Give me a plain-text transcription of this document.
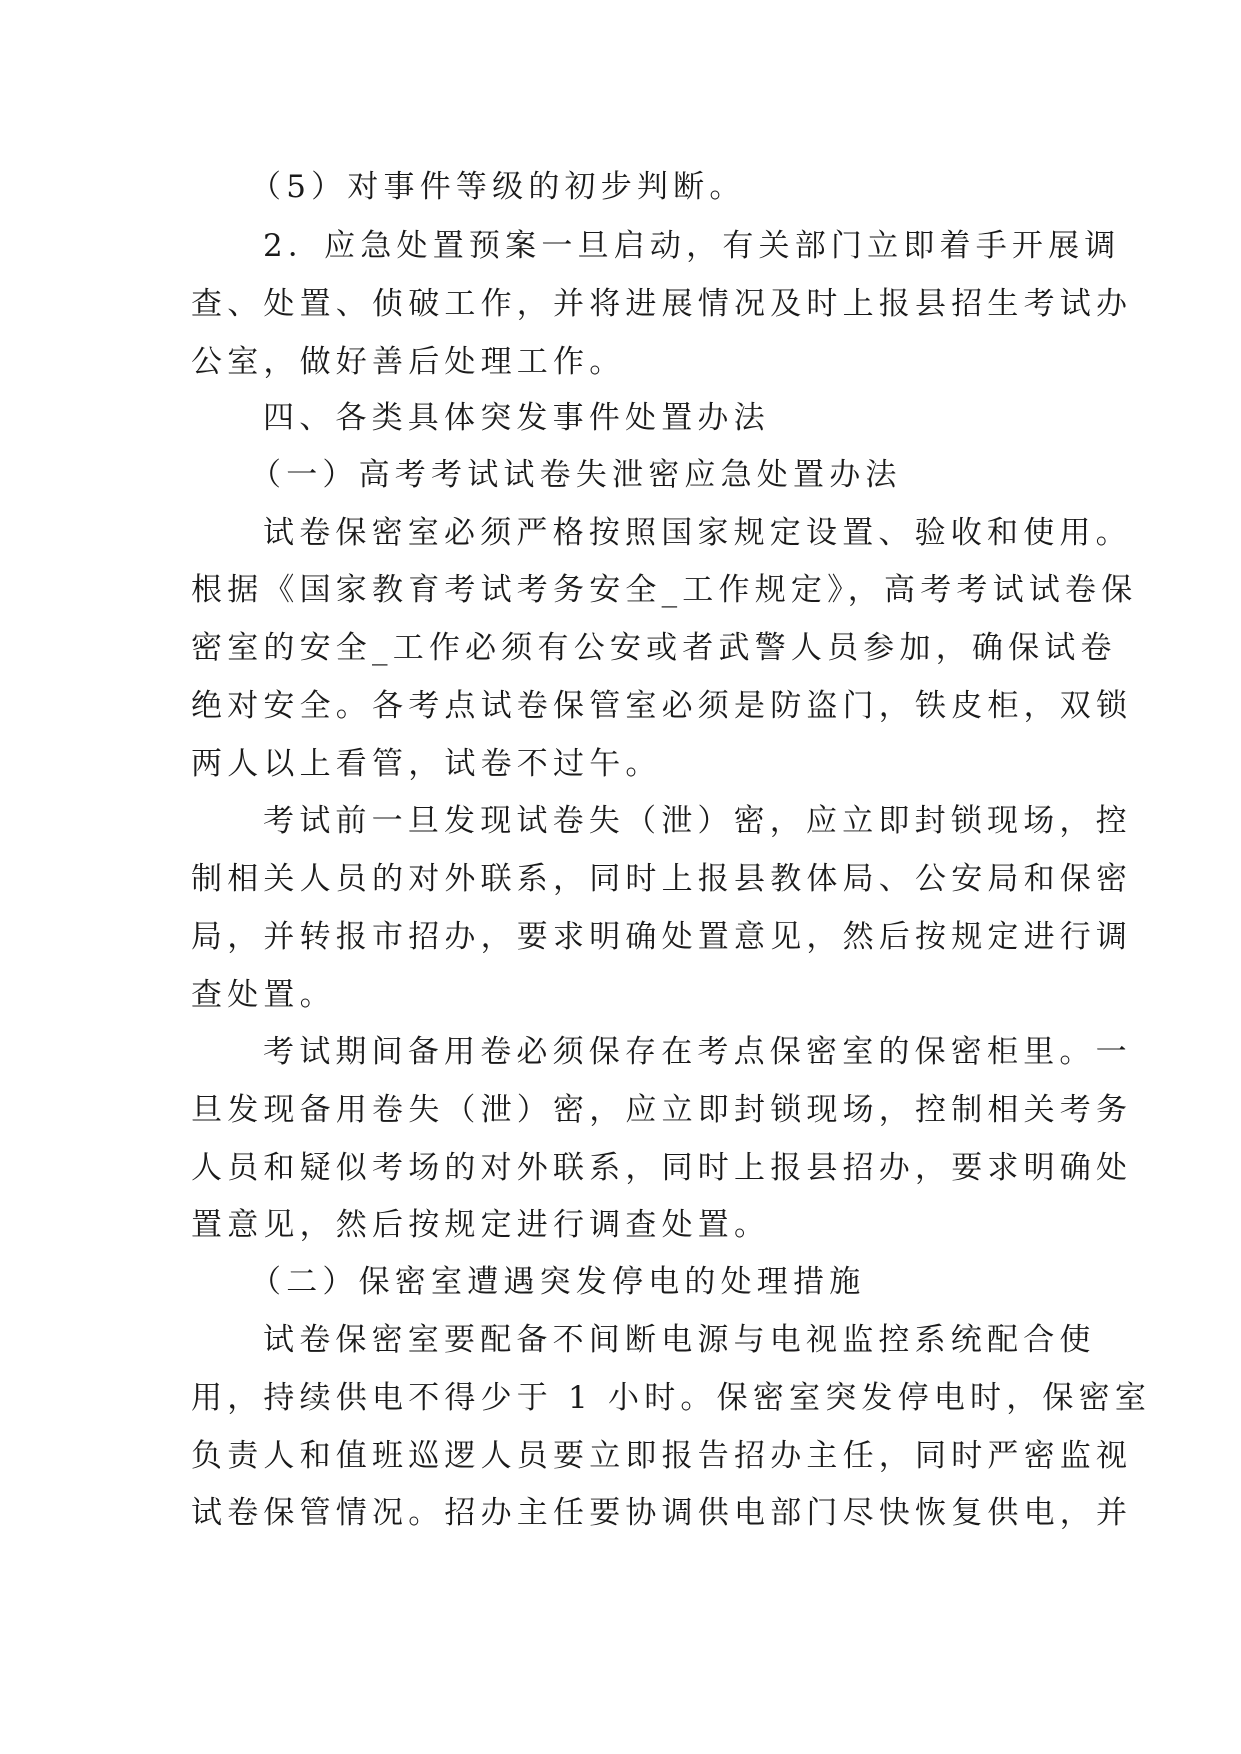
（5）对事件等级的初步判断。
2．应急处置预案一旦启动，有关部门立即着手开展调
查、处置、侦破工作，并将进展情况及时上报县招生考试办
公室，做好善后处理工作。
四、各类具体突发事件处置办法
（一）高考考试试卷失泄密应急处置办法
试卷保密室必须严格按照国家规定设置、验收和使用。
根据《国家教育考试考务安全_工作规定》，高考考试试卷保
密室的安全_工作必须有公安或者武警人员参加，确保试卷
绝对安全。各考点试卷保管室必须是防盗门，铁皮柜，双锁
两人以上看管，试卷不过午。
考试前一旦发现试卷失（泄）密，应立即封锁现场，控
制相关人员的对外联系，同时上报县教体局、公安局和保密
局，并转报市招办，要求明确处置意见，然后按规定进行调
查处置。
考试期间备用卷必须保存在考点保密室的保密柜里。一
旦发现备用卷失（泄）密，应立即封锁现场，控制相关考务
人员和疑似考场的对外联系，同时上报县招办，要求明确处
置意见，然后按规定进行调查处置。
（二）保密室遭遇突发停电的处理措施
试卷保密室要配备不间断电源与电视监控系统配合使
用，持续供电不得少于 1 小时。保密室突发停电时，保密室
负责人和值班巡逻人员要立即报告招办主任，同时严密监视
试卷保管情况。招办主任要协调供电部门尽快恢复供电，并
